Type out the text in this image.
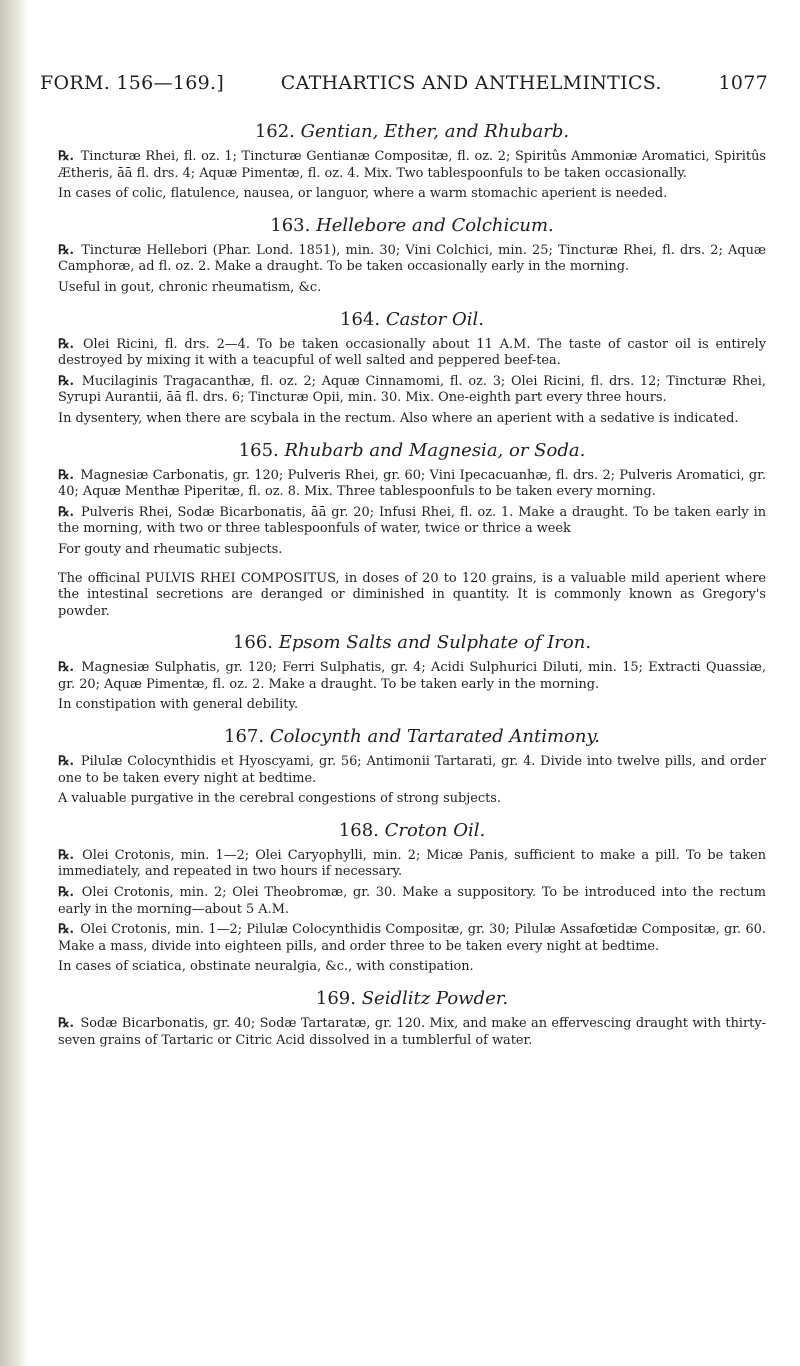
FORM. 156—169.]	CATHARTICS AND ANTHELMINTICS.	1077
162. Gentian, Ether, and Rhubarb.

℞. Tincturæ Rhei, fl. oz. 1; Tincturæ Gentianæ Compositæ, fl. oz. 2; Spiritûs Ammoniæ Aromatici, Spiritûs Ætheris, āā fl. drs. 4; Aquæ Pimentæ, fl. oz. 4. Mix. Two tablespoonfuls to be taken occasionally.

In cases of colic, flatulence, nausea, or languor, where a warm stomachic aperient is needed.

163. Hellebore and Colchicum.

℞. Tincturæ Hellebori (Phar. Lond. 1851), min. 30; Vini Colchici, min. 25; Tincturæ Rhei, fl. drs. 2; Aquæ Camphoræ, ad fl. oz. 2. Make a draught. To be taken occasionally early in the morning.

Useful in gout, chronic rheumatism, &c.

164. Castor Oil.

℞. Olei Ricini, fl. drs. 2—4. To be taken occasionally about 11 A.M. The taste of castor oil is entirely destroyed by mixing it with a teacupful of well salted and peppered beef-tea.

℞. Mucilaginis Tragacanthæ, fl. oz. 2; Aquæ Cinnamomi, fl. oz. 3; Olei Ricini, fl. drs. 12; Tincturæ Rhei, Syrupi Aurantii, āā fl. drs. 6; Tincturæ Opii, min. 30. Mix. One-eighth part every three hours.

In dysentery, when there are scybala in the rectum. Also where an aperient with a sedative is indicated.

165. Rhubarb and Magnesia, or Soda.

℞. Magnesiæ Carbonatis, gr. 120; Pulveris Rhei, gr. 60; Vini Ipecacuanhæ, fl. drs. 2; Pulveris Aromatici, gr. 40; Aquæ Menthæ Piperitæ, fl. oz. 8. Mix. Three tablespoonfuls to be taken every morning.

℞. Pulveris Rhei, Sodæ Bicarbonatis, āā gr. 20; Infusi Rhei, fl. oz. 1. Make a draught. To be taken early in the morning, with two or three tablespoonfuls of water, twice or thrice a week

For gouty and rheumatic subjects.

The officinal PULVIS RHEI COMPOSITUS, in doses of 20 to 120 grains, is a valuable mild aperient where the intestinal secretions are deranged or diminished in quantity. It is commonly known as Gregory's powder.

166. Epsom Salts and Sulphate of Iron.

℞. Magnesiæ Sulphatis, gr. 120; Ferri Sulphatis, gr. 4; Acidi Sulphurici Diluti, min. 15; Extracti Quassiæ, gr. 20; Aquæ Pimentæ, fl. oz. 2. Make a draught. To be taken early in the morning.

In constipation with general debility.

167. Colocynth and Tartarated Antimony.

℞. Pilulæ Colocynthidis et Hyoscyami, gr. 56; Antimonii Tartarati, gr. 4. Divide into twelve pills, and order one to be taken every night at bedtime.

A valuable purgative in the cerebral congestions of strong subjects.

168. Croton Oil.

℞. Olei Crotonis, min. 1—2; Olei Caryophylli, min. 2; Micæ Panis, sufficient to make a pill. To be taken immediately, and repeated in two hours if necessary.

℞. Olei Crotonis, min. 2; Olei Theobromæ, gr. 30. Make a suppository. To be introduced into the rectum early in the morning—about 5 A.M.

℞. Olei Crotonis, min. 1—2; Pilulæ Colocynthidis Compositæ, gr. 30; Pilulæ Assafœtidæ Compositæ, gr. 60. Make a mass, divide into eighteen pills, and order three to be taken every night at bedtime.

In cases of sciatica, obstinate neuralgia, &c., with constipation.

169. Seidlitz Powder.

℞. Sodæ Bicarbonatis, gr. 40; Sodæ Tartaratæ, gr. 120. Mix, and make an effervescing draught with thirty-seven grains of Tartaric or Citric Acid dissolved in a tumblerful of water.
